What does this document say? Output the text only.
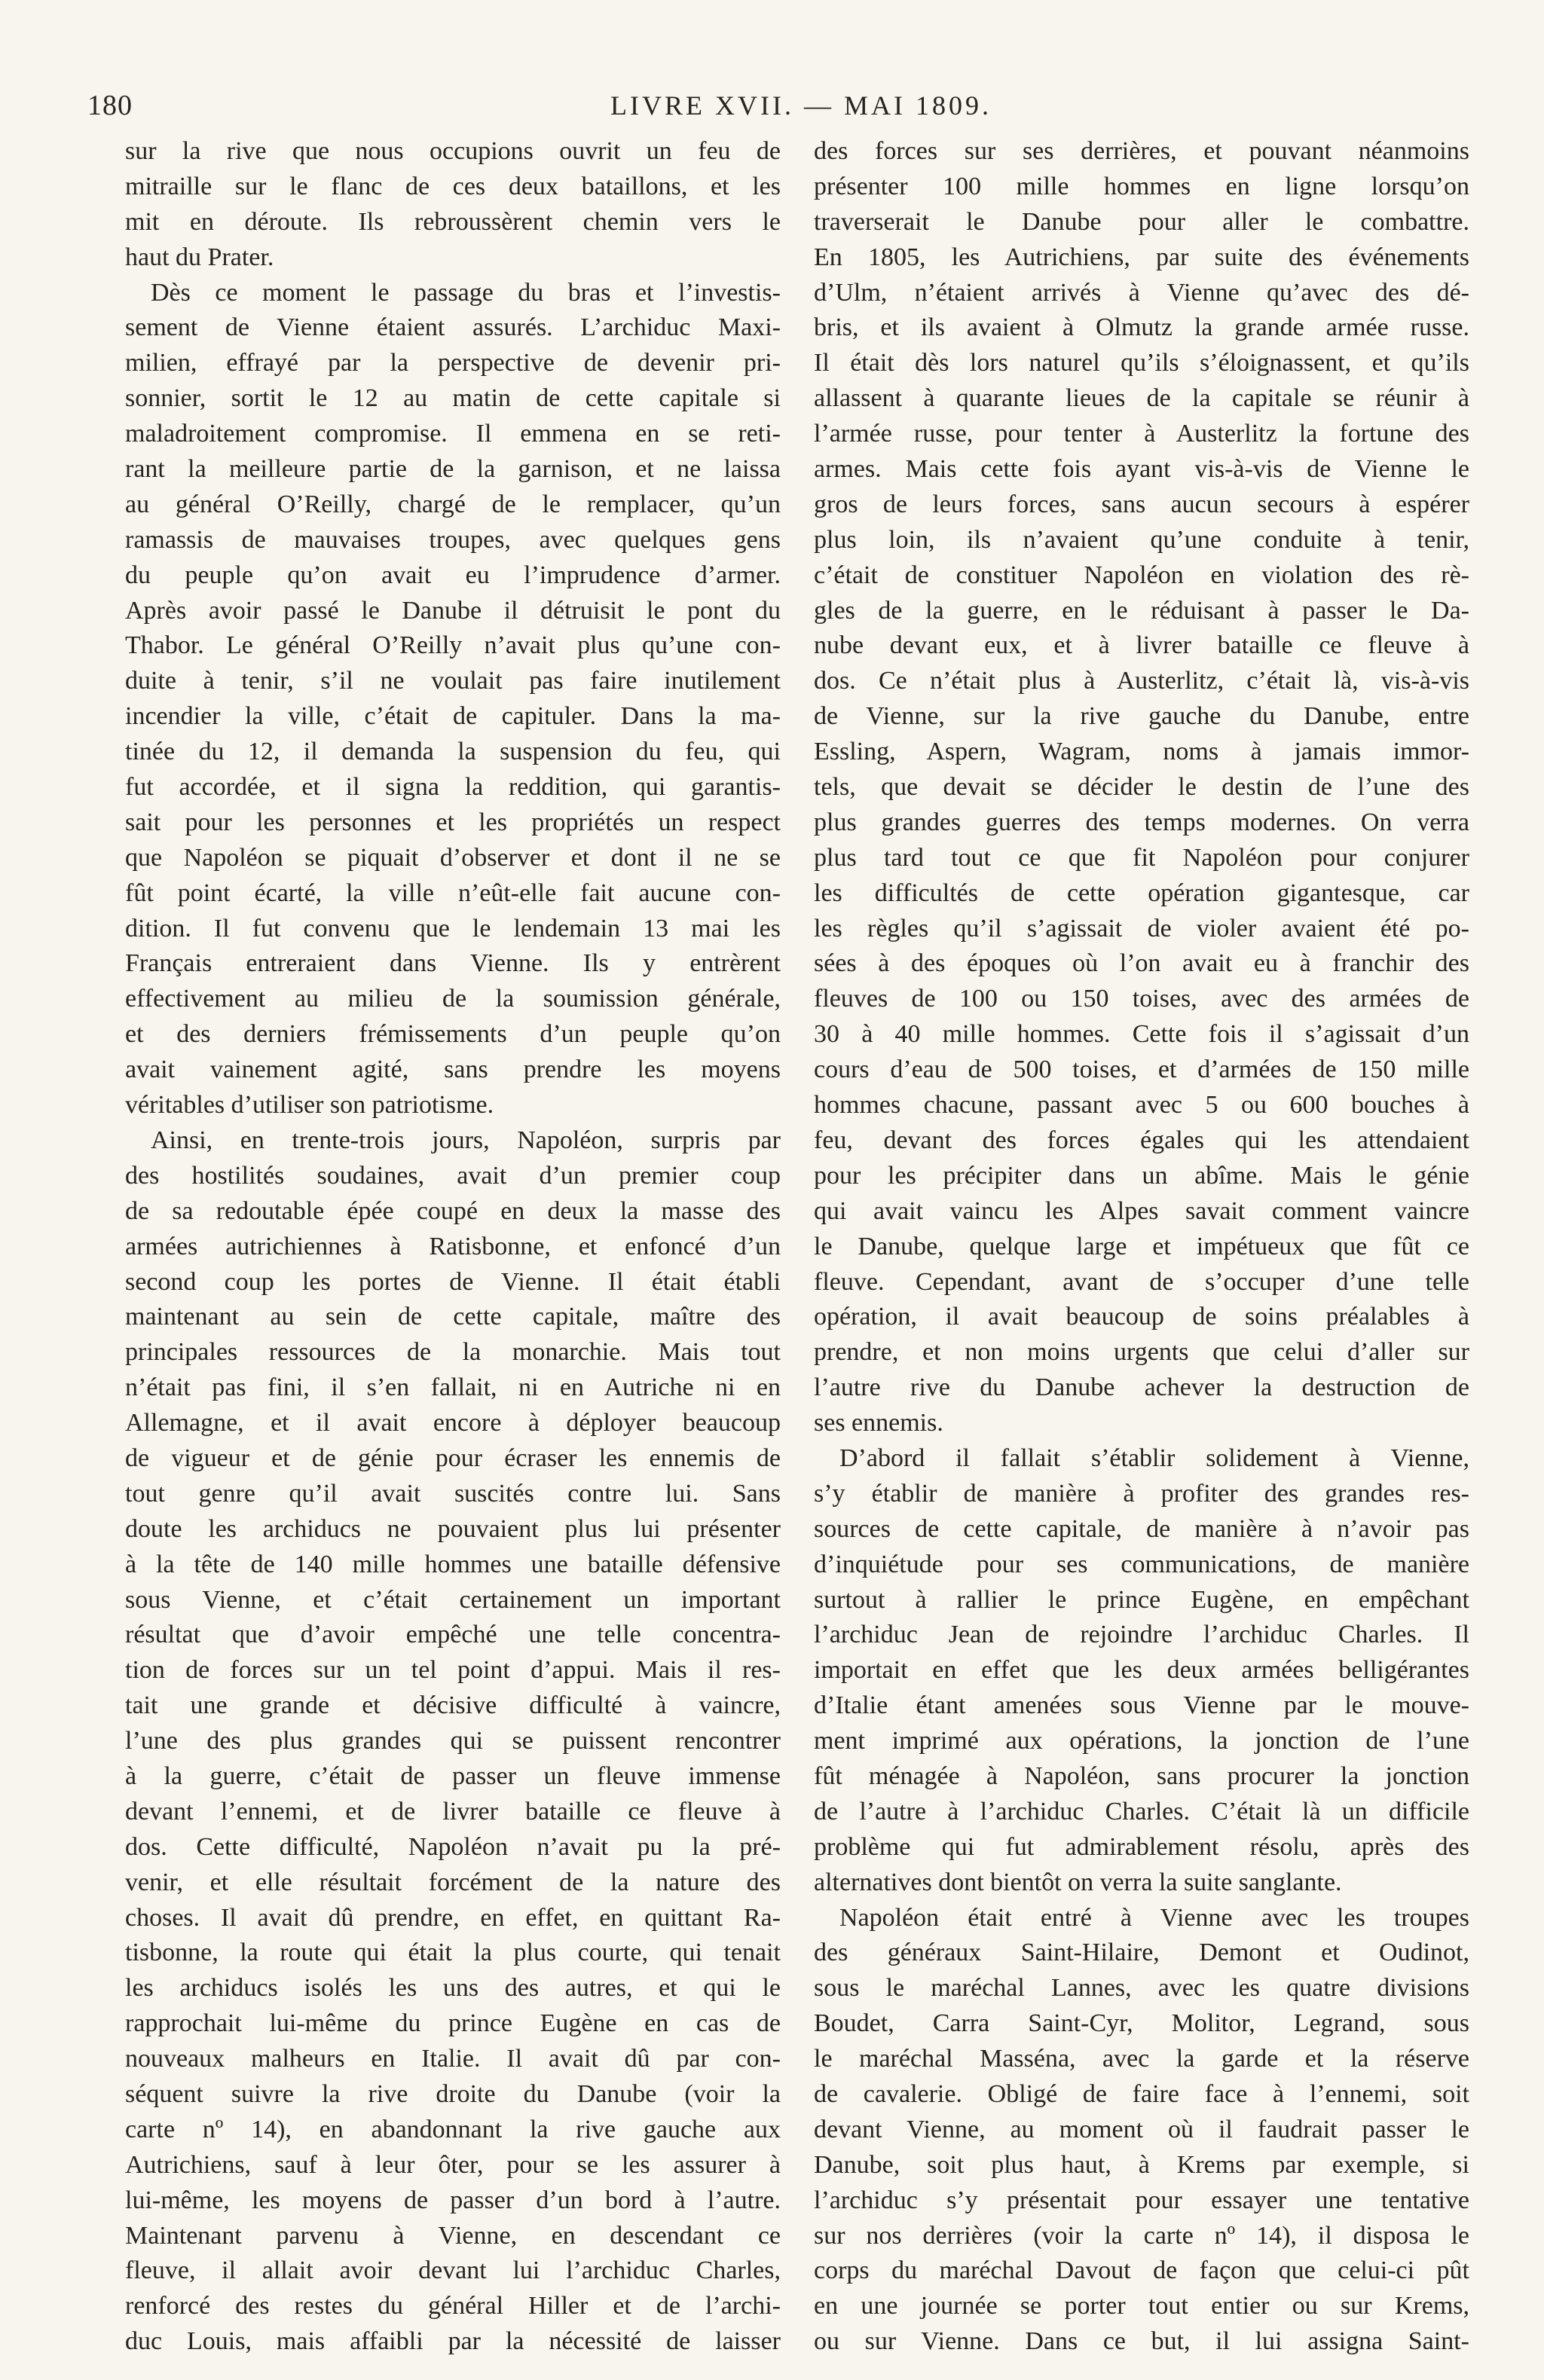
180	LIVRE XVII. — MAI 1809.
sur la rive que nous occupions ouvrit un feu de
mitraille sur le flanc de ces deux bataillons, et les
mit en déroute. Ils rebroussèrent chemin vers le
haut du Prater.
Dès ce moment le passage du bras et l’investis-
sement de Vienne étaient assurés. L’archiduc Maxi-
milien, effrayé par la perspective de devenir pri-
sonnier, sortit le 12 au matin de cette capitale si
maladroitement compromise. Il emmena en se reti-
rant la meilleure partie de la garnison, et ne laissa
au général O’Reilly, chargé de le remplacer, qu’un
ramassis de mauvaises troupes, avec quelques gens
du peuple qu’on avait eu l’imprudence d’armer.
Après avoir passé le Danube il détruisit le pont du
Thabor. Le général O’Reilly n’avait plus qu’une con-
duite à tenir, s’il ne voulait pas faire inutilement
incendier la ville, c’était de capituler. Dans la ma-
tinée du 12, il demanda la suspension du feu, qui
fut accordée, et il signa la reddition, qui garantis-
sait pour les personnes et les propriétés un respect
que Napoléon se piquait d’observer et dont il ne se
fût point écarté, la ville n’eût-elle fait aucune con-
dition. Il fut convenu que le lendemain 13 mai les
Français entreraient dans Vienne. Ils y entrèrent
effectivement au milieu de la soumission générale,
et des derniers frémissements d’un peuple qu’on
avait vainement agité, sans prendre les moyens
véritables d’utiliser son patriotisme.
Ainsi, en trente-trois jours, Napoléon, surpris par
des hostilités soudaines, avait d’un premier coup
de sa redoutable épée coupé en deux la masse des
armées autrichiennes à Ratisbonne, et enfoncé d’un
second coup les portes de Vienne. Il était établi
maintenant au sein de cette capitale, maître des
principales ressources de la monarchie. Mais tout
n’était pas fini, il s’en fallait, ni en Autriche ni en
Allemagne, et il avait encore à déployer beaucoup
de vigueur et de génie pour écraser les ennemis de
tout genre qu’il avait suscités contre lui. Sans
doute les archiducs ne pouvaient plus lui présenter
à la tête de 140 mille hommes une bataille défensive
sous Vienne, et c’était certainement un important
résultat que d’avoir empêché une telle concentra-
tion de forces sur un tel point d’appui. Mais il res-
tait une grande et décisive difficulté à vaincre,
l’une des plus grandes qui se puissent rencontrer
à la guerre, c’était de passer un fleuve immense
devant l’ennemi, et de livrer bataille ce fleuve à
dos. Cette difficulté, Napoléon n’avait pu la pré-
venir, et elle résultait forcément de la nature des
choses. Il avait dû prendre, en effet, en quittant Ra-
tisbonne, la route qui était la plus courte, qui tenait
les archiducs isolés les uns des autres, et qui le
rapprochait lui-même du prince Eugène en cas de
nouveaux malheurs en Italie. Il avait dû par con-
séquent suivre la rive droite du Danube (voir la
carte nº 14), en abandonnant la rive gauche aux
Autrichiens, sauf à leur ôter, pour se les assurer à
lui-même, les moyens de passer d’un bord à l’autre.
Maintenant parvenu à Vienne, en descendant ce
fleuve, il allait avoir devant lui l’archiduc Charles,
renforcé des restes du général Hiller et de l’archi-
duc Louis, mais affaibli par la nécessité de laisser
des forces sur ses derrières, et pouvant néanmoins
présenter 100 mille hommes en ligne lorsqu’on
traverserait le Danube pour aller le combattre.
En 1805, les Autrichiens, par suite des événements
d’Ulm, n’étaient arrivés à Vienne qu’avec des dé-
bris, et ils avaient à Olmutz la grande armée russe.
Il était dès lors naturel qu’ils s’éloignassent, et qu’ils
allassent à quarante lieues de la capitale se réunir à
l’armée russe, pour tenter à Austerlitz la fortune des
armes. Mais cette fois ayant vis-à-vis de Vienne le
gros de leurs forces, sans aucun secours à espérer
plus loin, ils n’avaient qu’une conduite à tenir,
c’était de constituer Napoléon en violation des rè-
gles de la guerre, en le réduisant à passer le Da-
nube devant eux, et à livrer bataille ce fleuve à
dos. Ce n’était plus à Austerlitz, c’était là, vis-à-vis
de Vienne, sur la rive gauche du Danube, entre
Essling, Aspern, Wagram, noms à jamais immor-
tels, que devait se décider le destin de l’une des
plus grandes guerres des temps modernes. On verra
plus tard tout ce que fit Napoléon pour conjurer
les difficultés de cette opération gigantesque, car
les règles qu’il s’agissait de violer avaient été po-
sées à des époques où l’on avait eu à franchir des
fleuves de 100 ou 150 toises, avec des armées de
30 à 40 mille hommes. Cette fois il s’agissait d’un
cours d’eau de 500 toises, et d’armées de 150 mille
hommes chacune, passant avec 5 ou 600 bouches à
feu, devant des forces égales qui les attendaient
pour les précipiter dans un abîme. Mais le génie
qui avait vaincu les Alpes savait comment vaincre
le Danube, quelque large et impétueux que fût ce
fleuve. Cependant, avant de s’occuper d’une telle
opération, il avait beaucoup de soins préalables à
prendre, et non moins urgents que celui d’aller sur
l’autre rive du Danube achever la destruction de
ses ennemis.
D’abord il fallait s’établir solidement à Vienne,
s’y établir de manière à profiter des grandes res-
sources de cette capitale, de manière à n’avoir pas
d’inquiétude pour ses communications, de manière
surtout à rallier le prince Eugène, en empêchant
l’archiduc Jean de rejoindre l’archiduc Charles. Il
importait en effet que les deux armées belligérantes
d’Italie étant amenées sous Vienne par le mouve-
ment imprimé aux opérations, la jonction de l’une
fût ménagée à Napoléon, sans procurer la jonction
de l’autre à l’archiduc Charles. C’était là un difficile
problème qui fut admirablement résolu, après des
alternatives dont bientôt on verra la suite sanglante.
Napoléon était entré à Vienne avec les troupes
des généraux Saint-Hilaire, Demont et Oudinot,
sous le maréchal Lannes, avec les quatre divisions
Boudet, Carra Saint-Cyr, Molitor, Legrand, sous
le maréchal Masséna, avec la garde et la réserve
de cavalerie. Obligé de faire face à l’ennemi, soit
devant Vienne, au moment où il faudrait passer le
Danube, soit plus haut, à Krems par exemple, si
l’archiduc s’y présentait pour essayer une tentative
sur nos derrières (voir la carte nº 14), il disposa le
corps du maréchal Davout de façon que celui-ci pût
en une journée se porter tout entier ou sur Krems,
ou sur Vienne. Dans ce but, il lui assigna Saint-
